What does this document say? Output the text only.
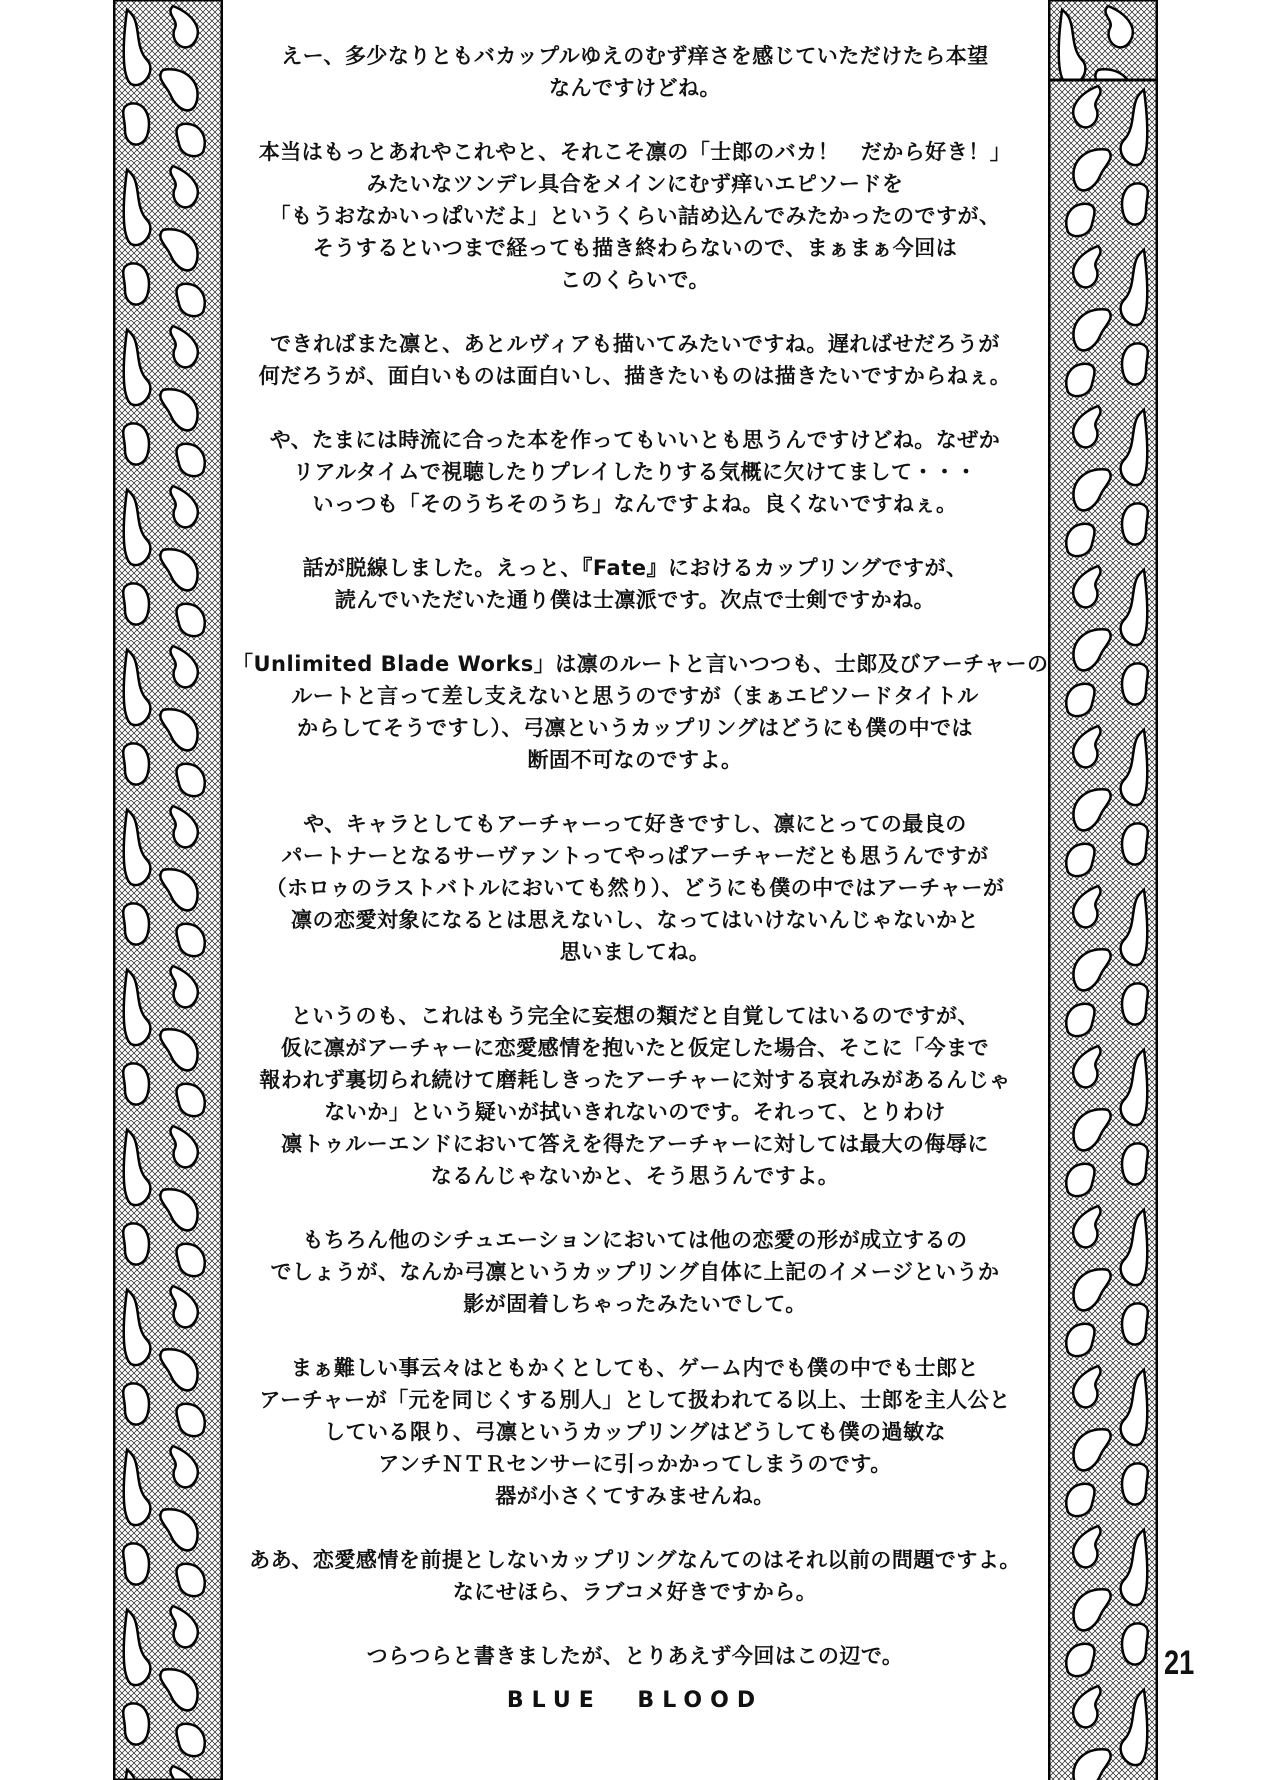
えー、多少なりともバカップルゆえのむず痒さを感じていただけたら本望
なんですけどね。
本当はもっとあれやこれやと、それこそ凛の「士郎のバカ！　だから好き！」
みたいなツンデレ具合をメインにむず痒いエピソードを
「もうおなかいっぱいだよ」というくらい詰め込んでみたかったのですが、
そうするといつまで経っても描き終わらないので、まぁまぁ今回は
このくらいで。
できればまた凛と、あとルヴィアも描いてみたいですね。遅ればせだろうが
何だろうが、面白いものは面白いし、描きたいものは描きたいですからねぇ。
や、たまには時流に合った本を作ってもいいとも思うんですけどね。なぜか
リアルタイムで視聴したりプレイしたりする気概に欠けてまして・・・
いっつも「そのうちそのうち」なんですよね。良くないですねぇ。
話が脱線しました。えっと、『Fate』におけるカップリングですが、
読んでいただいた通り僕は士凛派です。次点で士剣ですかね。
「Unlimited Blade Works」は凛のルートと言いつつも、士郎及びアーチャーの
ルートと言って差し支えないと思うのですが（まぁエピソードタイトル
からしてそうですし）、弓凛というカップリングはどうにも僕の中では
断固不可なのですよ。
や、キャラとしてもアーチャーって好きですし、凛にとっての最良の
パートナーとなるサーヴァントってやっぱアーチャーだとも思うんですが
（ホロゥのラストバトルにおいても然り）、どうにも僕の中ではアーチャーが
凛の恋愛対象になるとは思えないし、なってはいけないんじゃないかと
思いましてね。
というのも、これはもう完全に妄想の類だと自覚してはいるのですが、
仮に凛がアーチャーに恋愛感情を抱いたと仮定した場合、そこに「今まで
報われず裏切られ続けて磨耗しきったアーチャーに対する哀れみがあるんじゃ
ないか」という疑いが拭いきれないのです。それって、とりわけ
凛トゥルーエンドにおいて答えを得たアーチャーに対しては最大の侮辱に
なるんじゃないかと、そう思うんですよ。
もちろん他のシチュエーションにおいては他の恋愛の形が成立するの
でしょうが、なんか弓凛というカップリング自体に上記のイメージというか
影が固着しちゃったみたいでして。
まぁ難しい事云々はともかくとしても、ゲーム内でも僕の中でも士郎と
アーチャーが「元を同じくする別人」として扱われてる以上、士郎を主人公と
している限り、弓凛というカップリングはどうしても僕の過敏な
アンチＮＴＲセンサーに引っかかってしまうのです。
器が小さくてすみませんね。
ああ、恋愛感情を前提としないカップリングなんてのはそれ以前の問題ですよ。
なにせほら、ラブコメ好きですから。
つらつらと書きましたが、とりあえず今回はこの辺で。
BLUE BLOOD
21
